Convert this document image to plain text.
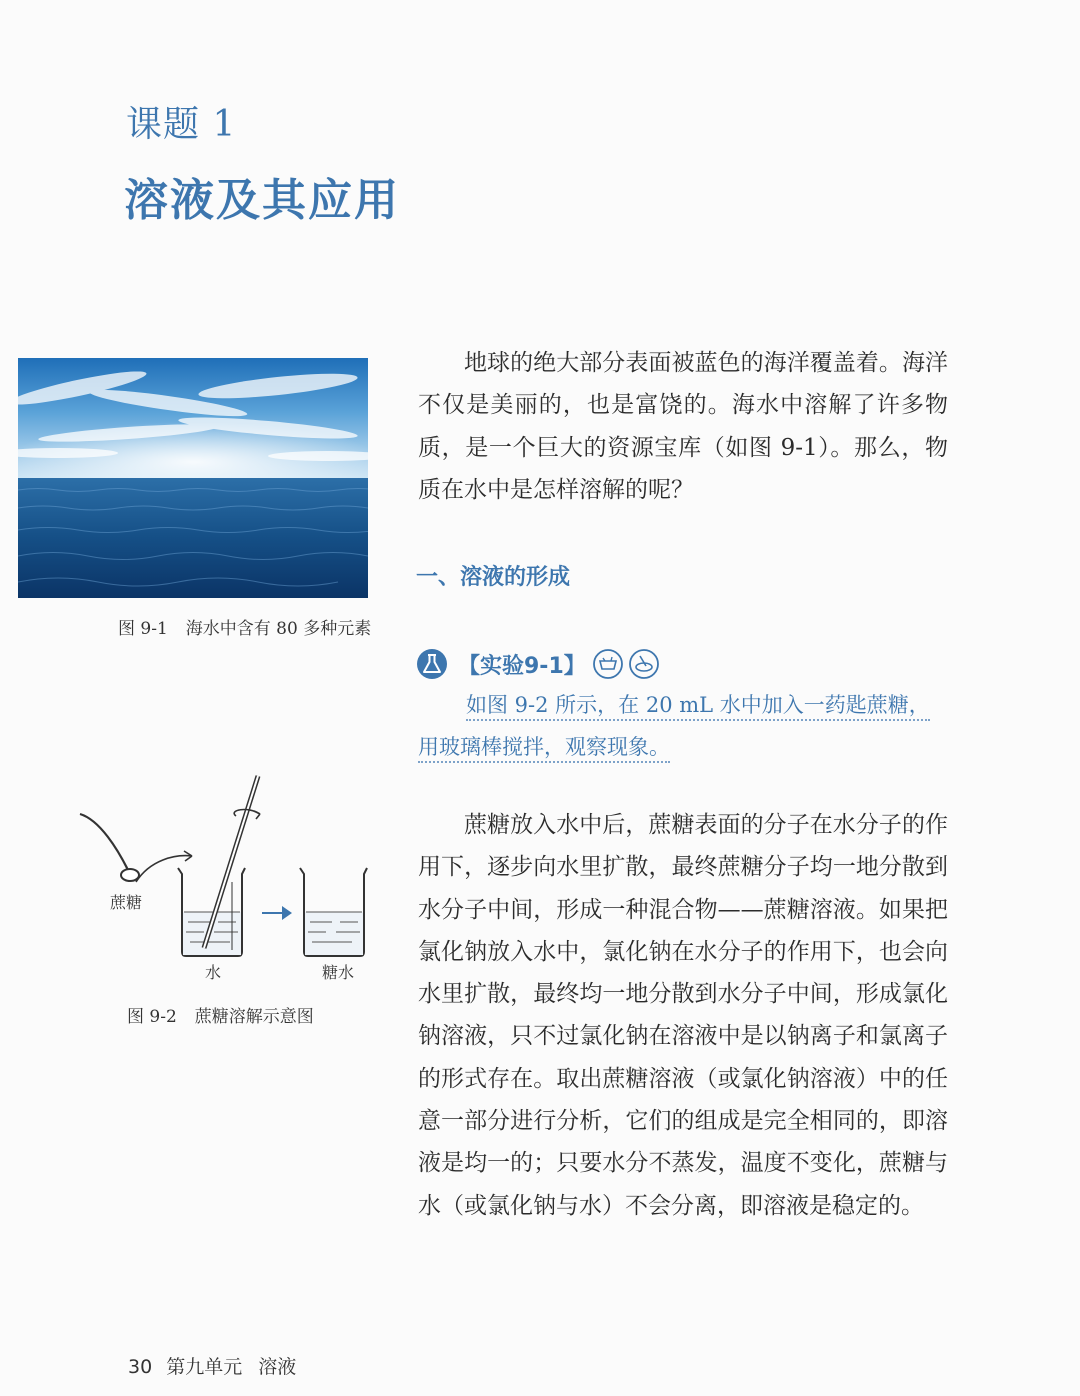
课题 1
溶液及其应用
图 9-1 海水中含有 80 多种元素

地球的绝大部分表面被蓝色的海洋覆盖着。海洋不仅是美丽的，也是富饶的。海水中溶解了许多物质，是一个巨大的资源宝库（如图 9-1）。那么，物质在水中是怎样溶解的呢？

一、溶液的形成
【实验9-1】

如图 9-2 所示，在 20 mL 水中加入一药匙蔗糖，用玻璃棒搅拌，观察现象。

蔗糖
水	糖水
图 9-2 蔗糖溶解示意图

蔗糖放入水中后，蔗糖表面的分子在水分子的作用下，逐步向水里扩散，最终蔗糖分子均一地分散到水分子中间，形成一种混合物——蔗糖溶液。如果把氯化钠放入水中，氯化钠在水分子的作用下，也会向水里扩散，最终均一地分散到水分子中间，形成氯化钠溶液，只不过氯化钠在溶液中是以钠离子和氯离子的形式存在。取出蔗糖溶液（或氯化钠溶液）中的任意一部分进行分析，它们的组成是完全相同的，即溶液是均一的；只要水分不蒸发，温度不变化，蔗糖与水（或氯化钠与水）不会分离，即溶液是稳定的。

30 第九单元 溶液
